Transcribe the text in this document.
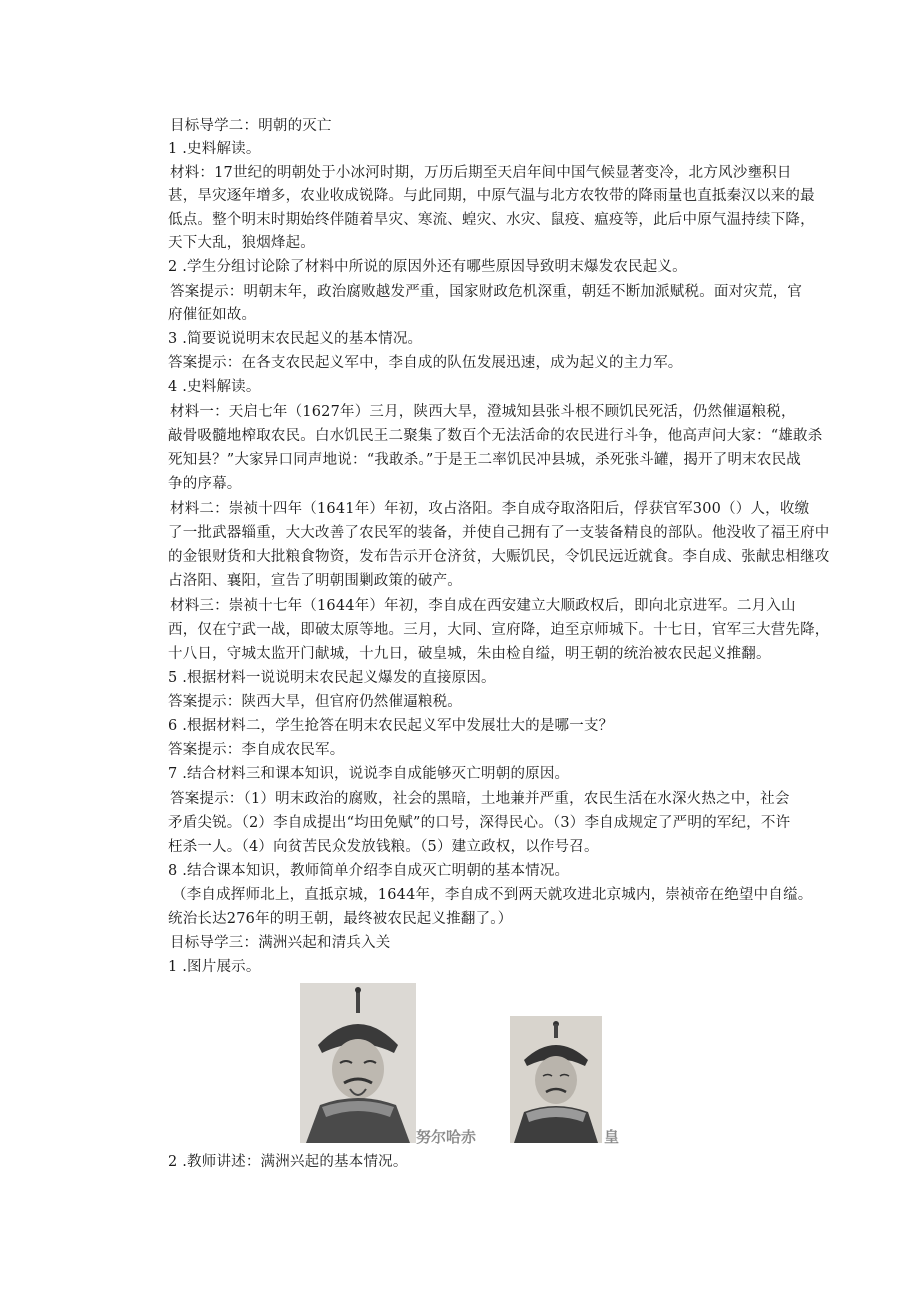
目标导学二：明朝的灭亡
1 .史料解读。
材料：17世纪的明朝处于小冰河时期，万历后期至天启年间中国气候显著变冷，北方风沙壅积日
甚，旱灾逐年增多，农业收成锐降。与此同期，中原气温与北方农牧带的降雨量也直抵秦汉以来的最
低点。整个明末时期始终伴随着旱灾、寒流、蝗灾、水灾、鼠疫、瘟疫等，此后中原气温持续下降，
天下大乱，狼烟烽起。
2 .学生分组讨论除了材料中所说的原因外还有哪些原因导致明末爆发农民起义。
答案提示：明朝末年，政治腐败越发严重，国家财政危机深重，朝廷不断加派赋税。面对灾荒，官
府催征如故。
3 .简要说说明末农民起义的基本情况。
答案提示：在各支农民起义军中，李自成的队伍发展迅速，成为起义的主力军。
4 .史料解读。
材料一：天启七年（1627年）三月，陕西大旱，澄城知县张斗根不顾饥民死活，仍然催逼粮税，
敲骨吸髓地榨取农民。白水饥民王二聚集了数百个无法活命的农民进行斗争，他高声问大家：“雄敢杀
死知县？”大家异口同声地说：“我敢杀。”于是王二率饥民冲县城，杀死张斗罐，揭开了明末农民战
争的序幕。
材料二：崇祯十四年（1641年）年初，攻占洛阳。李自成夺取洛阳后，俘获官军300（）人，收缴
了一批武器辎重，大大改善了农民军的装备，并使自己拥有了一支装备精良的部队。他没收了福王府中
的金银财货和大批粮食物资，发布告示开仓济贫，大赈饥民，令饥民远近就食。李自成、张献忠相继攻
占洛阳、襄阳，宣告了明朝围剿政策的破产。
材料三：崇祯十七年（1644年）年初，李自成在西安建立大顺政权后，即向北京进军。二月入山
西，仅在宁武一战，即破太原等地。三月，大同、宣府降，迫至京师城下。十七日，官军三大营先降，
十八日，守城太监开门献城，十九日，破皇城，朱由检自缢，明王朝的统治被农民起义推翻。
5 .根据材料一说说明末农民起义爆发的直接原因。
答案提示：陕西大旱，但官府仍然催逼粮税。
6 .根据材料二，学生抢答在明末农民起义军中发展壮大的是哪一支？
答案提示：李自成农民军。
7 .结合材料三和课本知识，说说李自成能够灭亡明朝的原因。
答案提示：（1）明末政治的腐败，社会的黑暗，土地兼并严重，农民生活在水深火热之中，社会
矛盾尖锐。（2）李自成提出“均田免赋”的口号，深得民心。（3）李自成规定了严明的军纪，不许
枉杀一人。（4）向贫苦民众发放钱粮。（5）建立政权，以作号召。
8 .结合课本知识，教师简单介绍李自成灭亡明朝的基本情况。
（李自成挥师北上，直抵京城，1644年，李自成不到两天就攻进北京城内，崇祯帝在绝望中自缢。
统治长达276年的明王朝，最终被农民起义推翻了。）
目标导学三：满洲兴起和清兵入关
1 .图片展示。
努尔哈赤	皇
2 .教师讲述：满洲兴起的基本情况。
